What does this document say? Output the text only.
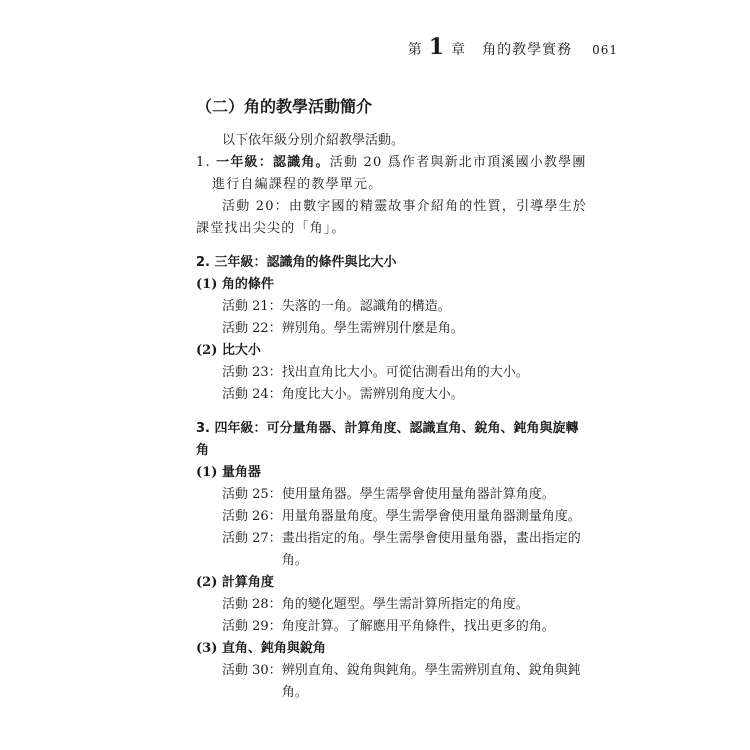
第 1 章 角的教學實務 061

（二）角的教學活動簡介

以下依年級分別介紹教學活動。

1. 一年級：認識角。活動 20 爲作者與新北市頂溪國小教學團進行自編課程的教學單元。

活動 20：由數字國的精靈故事介紹角的性質，引導學生於課堂找出尖尖的「角」。

2. 三年級：認識角的條件與比大小

(1) 角的條件

活動 21： 失落的一角。認識角的構造。
活動 22： 辨別角。學生需辨別什麼是角。

(2) 比大小

活動 23： 找出直角比大小。可從估測看出角的大小。
活動 24： 角度比大小。需辨別角度大小。

3. 四年級：可分量角器、計算角度、認識直角、銳角、鈍角與旋轉角

(1) 量角器

活動 25： 使用量角器。學生需學會使用量角器計算角度。
活動 26： 用量角器量角度。學生需學會使用量角器測量角度。
活動 27： 畫出指定的角。學生需學會使用量角器，畫出指定的角。

(2) 計算角度

活動 28： 角的變化題型。學生需計算所指定的角度。
活動 29： 角度計算。了解應用平角條件，找出更多的角。

(3) 直角、鈍角與銳角

活動 30： 辨別直角、銳角與鈍角。學生需辨別直角、銳角與鈍角。
